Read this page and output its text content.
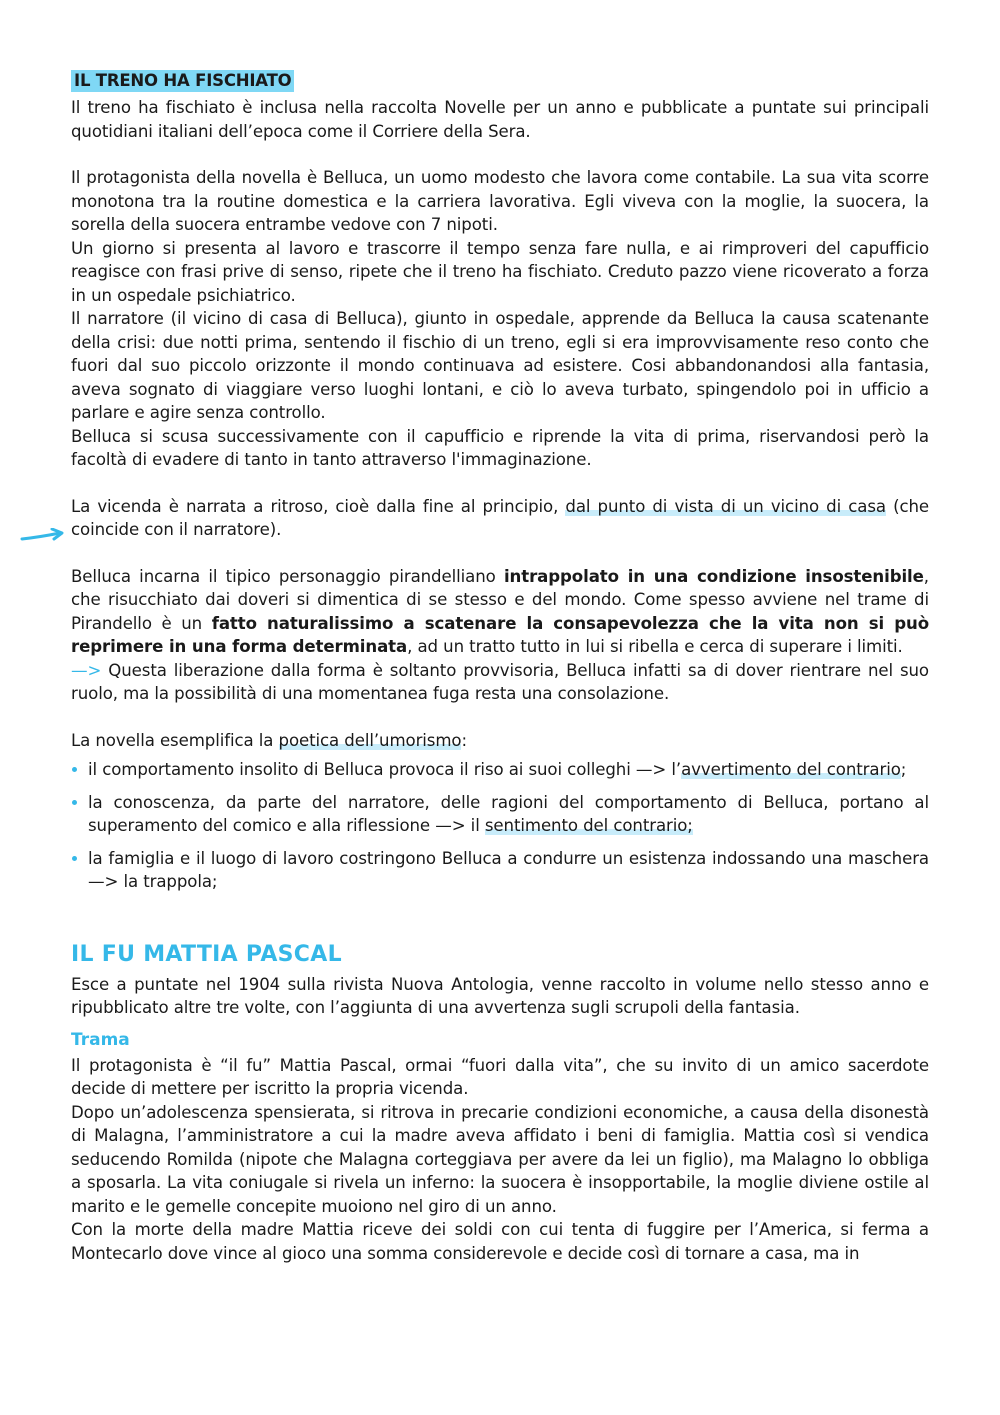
IL TRENO HA FISCHIATO

Il treno ha fischiato è inclusa nella raccolta Novelle per un anno e pubblicate a puntate sui principali quotidiani italiani dell’epoca come il Corriere della Sera.

Il protagonista della novella è Belluca, un uomo modesto che lavora come contabile. La sua vita scorre monotona tra la routine domestica e la carriera lavorativa. Egli viveva con la moglie, la suocera, la sorella della suocera entrambe vedove con 7 nipoti.

Un giorno si presenta al lavoro e trascorre il tempo senza fare nulla, e ai rimproveri del capufficio reagisce con frasi prive di senso, ripete che il treno ha fischiato. Creduto pazzo viene ricoverato a forza in un ospedale psichiatrico.

Il narratore (il vicino di casa di Belluca), giunto in ospedale, apprende da Belluca la causa scatenante della crisi: due notti prima, sentendo il fischio di un treno, egli si era improvvisamente reso conto che fuori dal suo piccolo orizzonte il mondo continuava ad esistere. Cosi abbandonandosi alla fantasia, aveva sognato di viaggiare verso luoghi lontani, e ciò lo aveva turbato, spingendolo poi in ufficio a parlare e agire senza controllo.

Belluca si scusa successivamente con il capufficio e riprende la vita di prima, riservandosi però la facoltà di evadere di tanto in tanto attraverso l'immaginazione.

La vicenda è narrata a ritroso, cioè dalla fine al principio, dal punto di vista di un vicino di casa (che coincide con il narratore).

Belluca incarna il tipico personaggio pirandelliano intrappolato in una condizione insostenibile, che risucchiato dai doveri si dimentica di se stesso e del mondo. Come spesso avviene nel trame di Pirandello è un fatto naturalissimo a scatenare la consapevolezza che la vita non si può reprimere in una forma determinata, ad un tratto tutto in lui si ribella e cerca di superare i limiti.
—> Questa liberazione dalla forma è soltanto provvisoria, Belluca infatti sa di dover rientrare nel suo ruolo, ma la possibilità di una momentanea fuga resta una consolazione.

La novella esemplifica la poetica dell’umorismo:

il comportamento insolito di Belluca provoca il riso ai suoi colleghi —> l’avvertimento del contrario;
la conoscenza, da parte del narratore, delle ragioni del comportamento di Belluca, portano al superamento del comico e alla riflessione —> il sentimento del contrario;
la famiglia e il luogo di lavoro costringono Belluca a condurre un esistenza indossando una maschera —> la trappola;
IL FU MATTIA PASCAL

Esce a puntate nel 1904 sulla rivista Nuova Antologia, venne raccolto in volume nello stesso anno e ripubblicato altre tre volte, con l’aggiunta di una avvertenza sugli scrupoli della fantasia.

Trama

Il protagonista è “il fu” Mattia Pascal, ormai “fuori dalla vita”, che su invito di un amico sacerdote decide di mettere per iscritto la propria vicenda.

Dopo un’adolescenza spensierata, si ritrova in precarie condizioni economiche, a causa della disonestà di Malagna, l’amministratore a cui la madre aveva affidato i beni di famiglia. Mattia così si vendica seducendo Romilda (nipote che Malagna corteggiava per avere da lei un figlio), ma Malagno lo obbliga a sposarla. La vita coniugale si rivela un inferno: la suocera è insopportabile, la moglie diviene ostile al marito e le gemelle concepite muoiono nel giro di un anno.

Con la morte della madre Mattia riceve dei soldi con cui tenta di fuggire per l’America, si ferma a Montecarlo dove vince al gioco una somma considerevole e decide così di tornare a casa, ma in
